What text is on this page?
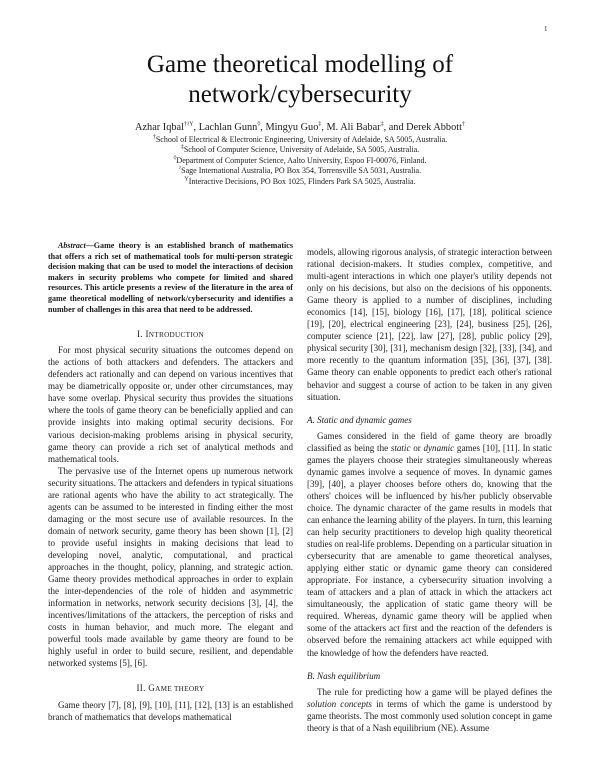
1
Game theoretical modelling of
network/cybersecurity
Azhar Iqbal$^{\dagger≀Y}$, Lachlan Gunn◊, Mingyu Guo‡, M. Ali Babar‡, and Derek Abbott†
†School of Electrical & Electronic Engineering, University of Adelaide, SA 5005, Australia.
‡School of Computer Science, University of Adelaide, SA 5005, Australia.
◊Department of Computer Science, Aalto University, Espoo FI-00076, Finland.
≀Sage International Australia, PO Box 354, Torrensville SA 5031, Australia.
$^Y$Interactive Decisions, PO Box 1025, Flinders Park SA 5025, Australia.
Abstract—Game theory is an established branch of mathematics that offers a rich set of mathematical tools for multi-person strategic decision making that can be used to model the interactions of decision makers in security problems who compete for limited and shared resources. This article presents a review of the literature in the area of game theoretical modelling of network/cybersecurity and identifies a number of challenges in this area that need to be addressed.
I. INTRODUCTION

For most physical security situations the outcomes depend on the actions of both attackers and defenders. The attackers and defenders act rationally and can depend on various incentives that may be diametrically opposite or, under other circumstances, may have some overlap. Physical security thus provides the situations where the tools of game theory can be beneficially applied and can provide insights into making optimal security decisions. For various decision-making problems arising in physical security, game theory can provide a rich set of analytical methods and mathematical tools.

The pervasive use of the Internet opens up numerous network security situations. The attackers and defenders in typical situations are rational agents who have the ability to act strategically. The agents can be assumed to be interested in finding either the most damaging or the most secure use of available resources. In the domain of network security, game theory has been shown [1], [2] to provide useful insights in making decisions that lead to developing novel, analytic, computational, and practical approaches in the thought, policy, planning, and strategic action. Game theory provides methodical approaches in order to explain the inter-dependencies of the role of hidden and asymmetric information in networks, network security decisions [3], [4], the incentives/limitations of the attackers, the perception of risks and costs in human behavior, and much more. The elegant and powerful tools made available by game theory are found to be highly useful in order to build secure, resilient, and dependable networked systems [5], [6].

II. GAME THEORY

Game theory [7], [8], [9], [10], [11], [12], [13] is an established branch of mathematics that develops mathematical

models, allowing rigorous analysis, of strategic interaction between rational decision-makers. It studies complex, competitive, and multi-agent interactions in which one player's utility depends not only on his decisions, but also on the decisions of his opponents. Game theory is applied to a number of disciplines, including economics [14], [15], biology [16], [17], [18], political science [19], [20], electrical engineering [23], [24], business [25], [26], computer science [21], [22], law [27], [28], public policy [29], physical security [30], [31], mechanism design [32], [33], [34], and more recently to the quantum information [35], [36], [37], [38]. Game theory can enable opponents to predict each other's rational behavior and suggest a course of action to be taken in any given situation.

A. Static and dynamic games

Games considered in the field of game theory are broadly classified as being the static or dynamic games [10], [11]. In static games the players choose their strategies simultaneously whereas dynamic games involve a sequence of moves. In dynamic games [39], [40], a player chooses before others do, knowing that the others' choices will be influenced by his/her publicly observable choice. The dynamic character of the game results in models that can enhance the learning ability of the players. In turn, this learning can help security practitioners to develop high quality theoretical studies on real-life problems. Depending on a particular situation in cybersecurity that are amenable to game theoretical analyses, applying either static or dynamic game theory can considered appropriate. For instance, a cybersecurity situation involving a team of attackers and a plan of attack in which the attackers act simultaneously, the application of static game theory will be required. Whereas, dynamic game theory will be applied when some of the attackers act first and the reaction of the defenders is observed before the remaining attackers act while equipped with the knowledge of how the defenders have reacted.

B. Nash equilibrium

The rule for predicting how a game will be played defines the solution concepts in terms of which the game is understood by game theorists. The most commonly used solution concept in game theory is that of a Nash equilibrium (NE). Assume
